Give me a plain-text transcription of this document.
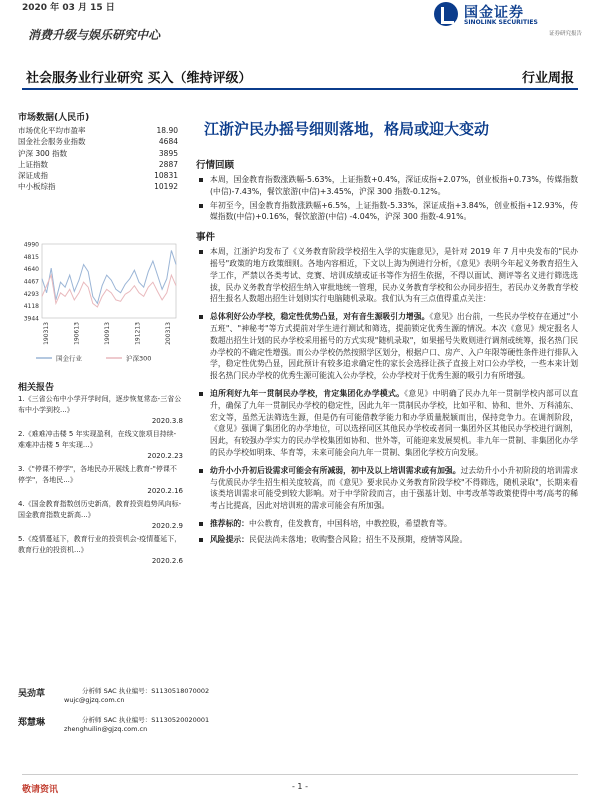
2020 年 03 月 15 日	国金证券
SINOLINK SECURITIES
证券研究报告
消费升级与娱乐研究中心
社会服务业行业研究 买入（维持评级）	行业周报
市场数据(人民币)
市场优化平均市盈率	18.90
国金社会服务业指数	4684
沪深 300 指数	3895
上证指数	2887
深证成指	10831
中小板综指	10192
4990
4815
4640
4467
4293
4118
3944
190313	190613	190913	191213	200313
国金行业	沪深300
相关报告
1.《三省公布中小学开学时间，逐步恢复常态-三省公布中小学到校...》
2020.3.8
2.《难难冲击楼 5 年实现盈利，在线文旅项目持续-难难冲击楼 5 年实现...》
2020.2.23
3.《"停课不停学"，各地民办开展线上教育-"停课不停学"，各地民...》
2020.2.16
4.《国金教育指数创历史新高，教育投资趋势风向标-国金教育指数史新高...》
2020.2.9
5.《疫情蔓延下，教育行业的投资机会-疫情蔓延下，教育行业的投资机...》
2020.2.6
吴劲草	分析师 SAC 执业编号：S1130518070002
wujc@gjzq.com.cn
郑慧琳	分析师 SAC 执业编号：S1130520020001
zhenghuilin@gjzq.com.cn
江浙沪民办摇号细则落地，格局或迎大变动
行情回顾
本周，国金教育指数涨跌幅-5.63%，上证指数+0.4%，深证成指+2.07%，创业板指+0.73%，传媒指数(中信)-7.43%，餐饮旅游(中信)+3.45%，沪深 300 指数-0.12%。
年初至今，国金教育指数涨跌幅+6.5%，上证指数-5.33%，深证成指+3.84%，创业板指+12.93%，传媒指数(中信)+0.16%，餐饮旅游(中信) -4.04%，沪深 300 指数-4.91%。
事件
本周，江浙沪均发布了《义务教育阶段学校招生入学的实施意见》，是针对 2019 年 7 月中央发布的"民办摇号"政策的地方政策细则。各地内容相近，下文以上海为例进行分析，《意见》表明今年起义务教育招生入学工作，严禁以各类考试、竞赛、培训成绩或证书等作为招生依据，不得以面试、测评等名义进行筛选选拔，民办义务教育学校招生纳入审批地统一管理，民办义务教育学校和公办同步招生，若民办义务教育学校招生报名人数超出招生计划则实行电脑随机录取。我们认为有三点值得重点关注：
总体利好公办学校，稳定性优势凸显，对有音生源吸引力增强。《意见》出台前，一些民办学校存在通过"小五班"、"神秘考"等方式提前对学生进行测试和筛选，提前锁定优秀生源的情况。本次《意见》规定报名人数超出招生计划的民办学校采用摇号的方式实现"随机录取"，如果摇号失败则进行调剂或统筹，报名热门民办学校的不确定性增强。而公办学校仍然按照学区划分，根据户口、房产、入户年限等硬性条件进行排队入学，稳定性优势凸显，因此预计有较多追求确定性的家长会选择让孩子直接上对口公办学校，一些本来计划报名热门民办学校的优秀生源可能流入公办学校，公办学校对于优秀生源的吸引力有所增强。
迫所利好九年一贯制民办学校，肯定集团化办学模式。《意见》中明确了民办九年一贯制学校内部可以直升，确保了九年一贯制民办学校的稳定性，因此九年一贯制民办学校，比如平和、协和、世外、万科浦东、宏文等，虽然无法筛选生源，但是仍有可能借教学能力和办学质量脱颖而出，保持竞争力。在调剂阶段，《意见》强调了集团化的办学地位，可以选择同区其他民办学校或者同一集团外区其他民办学校进行调剂，因此，有较强办学实力的民办学校集团如协和、世外等，可能迎来发展契机。非九年一贯制、非集团化办学的民办学校如明珠、华育等，未来可能会向九年一贯制、集团化学校方向发展。
幼升小小升初后设需求可能会有所减弱，初中及以上培训需求或有加强。过去幼升小小升初阶段的培训需求与优质民办学生招生相关度较高，而《意见》要求民办义务教育阶段学校"不得筛选，随机录取"，长期来看该类培训需求可能受到较大影响。对于中学阶段而言，由于强基计划、中考改革等政策使得中考/高考的稀考占比提高，因此对培训班的需求可能会有所加强。
推荐标的：中公教育，佳发教育，中国科培，中教控股，希望教育等。
风险提示：民促法尚未落地；收购整合风险；招生不及预期，疫情等风险。
敬请资讯	- 1 -
